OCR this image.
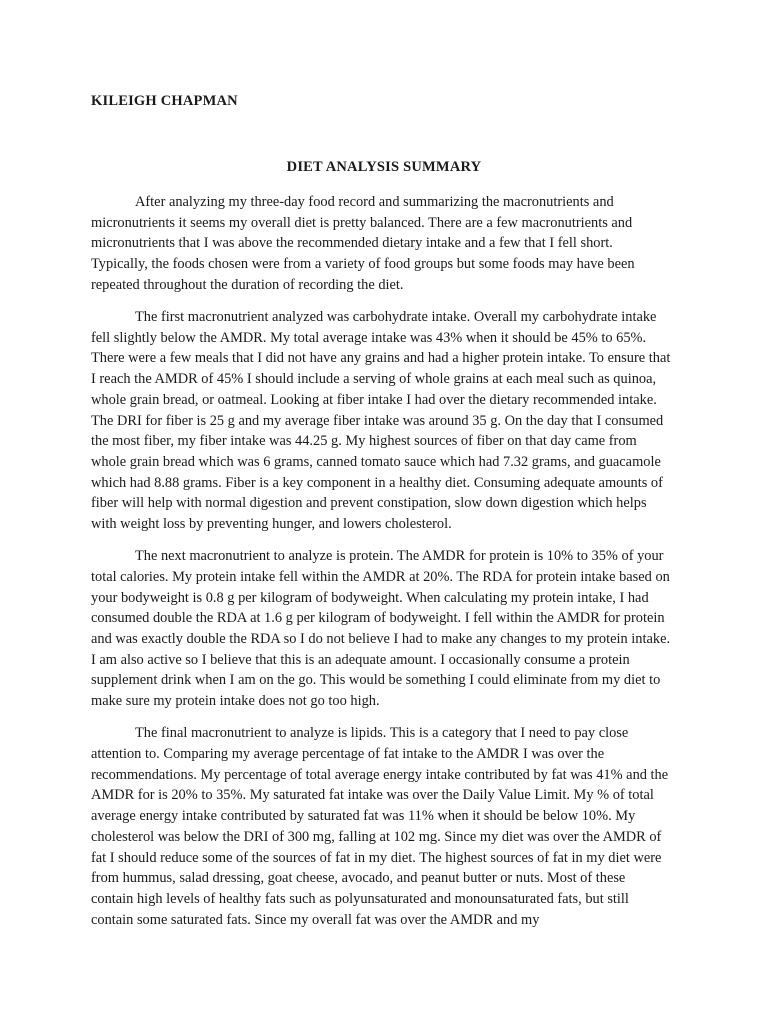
KILEIGH CHAPMAN

DIET ANALYSIS SUMMARY

After analyzing my three-day food record and summarizing the macronutrients and micronutrients it seems my overall diet is pretty balanced. There are a few macronutrients and micronutrients that I was above the recommended dietary intake and a few that I fell short. Typically, the foods chosen were from a variety of food groups but some foods may have been repeated throughout the duration of recording the diet.

The first macronutrient analyzed was carbohydrate intake. Overall my carbohydrate intake fell slightly below the AMDR. My total average intake was 43% when it should be 45% to 65%. There were a few meals that I did not have any grains and had a higher protein intake. To ensure that I reach the AMDR of 45% I should include a serving of whole grains at each meal such as quinoa, whole grain bread, or oatmeal. Looking at fiber intake I had over the dietary recommended intake. The DRI for fiber is 25 g and my average fiber intake was around 35 g. On the day that I consumed the most fiber, my fiber intake was 44.25 g. My highest sources of fiber on that day came from whole grain bread which was 6 grams, canned tomato sauce which had 7.32 grams, and guacamole which had 8.88 grams. Fiber is a key component in a healthy diet. Consuming adequate amounts of fiber will help with normal digestion and prevent constipation, slow down digestion which helps with weight loss by preventing hunger, and lowers cholesterol.

The next macronutrient to analyze is protein. The AMDR for protein is 10% to 35% of your total calories. My protein intake fell within the AMDR at 20%. The RDA for protein intake based on your bodyweight is 0.8 g per kilogram of bodyweight. When calculating my protein intake, I had consumed double the RDA at 1.6 g per kilogram of bodyweight. I fell within the AMDR for protein and was exactly double the RDA so I do not believe I had to make any changes to my protein intake. I am also active so I believe that this is an adequate amount. I occasionally consume a protein supplement drink when I am on the go. This would be something I could eliminate from my diet to make sure my protein intake does not go too high.

The final macronutrient to analyze is lipids. This is a category that I need to pay close attention to. Comparing my average percentage of fat intake to the AMDR I was over the recommendations. My percentage of total average energy intake contributed by fat was 41% and the AMDR for is 20% to 35%. My saturated fat intake was over the Daily Value Limit. My % of total average energy intake contributed by saturated fat was 11% when it should be below 10%. My cholesterol was below the DRI of 300 mg, falling at 102 mg. Since my diet was over the AMDR of fat I should reduce some of the sources of fat in my diet. The highest sources of fat in my diet were from hummus, salad dressing, goat cheese, avocado, and peanut butter or nuts. Most of these contain high levels of healthy fats such as polyunsaturated and monounsaturated fats, but still contain some saturated fats. Since my overall fat was over the AMDR and my
